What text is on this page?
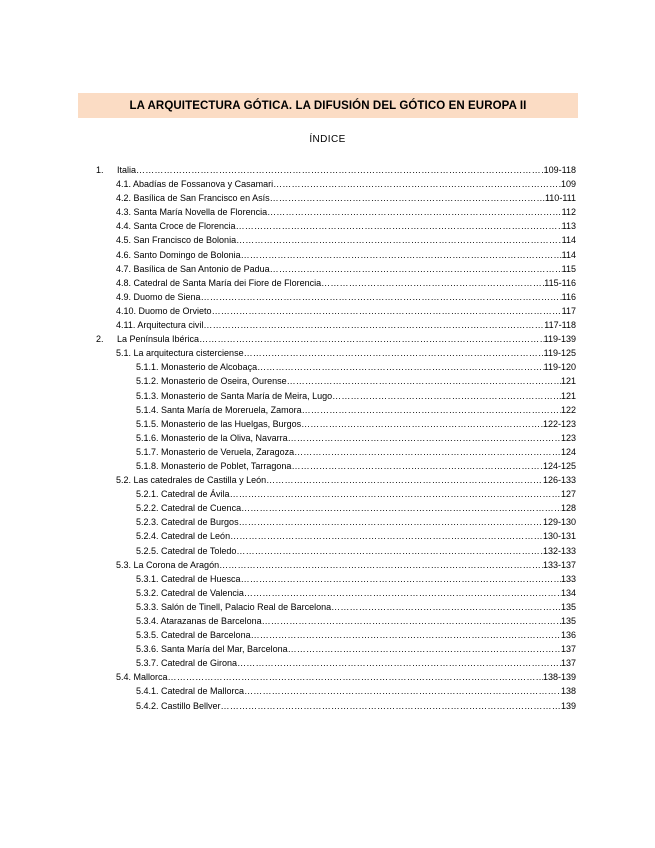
LA ARQUITECTURA GÓTICA. LA DIFUSIÓN DEL GÓTICO EN EUROPA II
ÍNDICE
1. Italia ……………………………………………………………………………………………………………………………………………………………………………………	109-118
4.1. Abadías de Fossanova y Casamari ……………………………………………………………………………………………………………………………………………………………………………………	109
4.2. Basílica de San Francisco en Asís ……………………………………………………………………………………………………………………………………………………………………………………	110-111
4.3. Santa María Novella de Florencia ……………………………………………………………………………………………………………………………………………………………………………………	112
4.4. Santa Croce de Florencia ……………………………………………………………………………………………………………………………………………………………………………………	113
4.5. San Francisco de Bolonia ……………………………………………………………………………………………………………………………………………………………………………………	114
4.6. Santo Domingo de Bolonia ……………………………………………………………………………………………………………………………………………………………………………………	114
4.7. Basílica de San Antonio de Padua ……………………………………………………………………………………………………………………………………………………………………………………	115
4.8. Catedral de Santa María dei Fiore de Florencia ……………………………………………………………………………………………………………………………………………………………………………………	115-116
4.9. Duomo de Siena ……………………………………………………………………………………………………………………………………………………………………………………	116
4.10. Duomo de Orvieto ……………………………………………………………………………………………………………………………………………………………………………………	117
4.11. Arquitectura civil ……………………………………………………………………………………………………………………………………………………………………………………	117-118
2. La Península Ibérica ……………………………………………………………………………………………………………………………………………………………………………………	119-139
5.1. La arquitectura cisterciense ……………………………………………………………………………………………………………………………………………………………………………………	119-125
5.1.1. Monasterio de Alcobaça ……………………………………………………………………………………………………………………………………………………………………………………	119-120
5.1.2. Monasterio de Oseira, Ourense ……………………………………………………………………………………………………………………………………………………………………………………	121
5.1.3. Monasterio de Santa María de Meira, Lugo ……………………………………………………………………………………………………………………………………………………………………………………	121
5.1.4. Santa María de Moreruela, Zamora ……………………………………………………………………………………………………………………………………………………………………………………	122
5.1.5. Monasterio de las Huelgas, Burgos ……………………………………………………………………………………………………………………………………………………………………………………	122-123
5.1.6. Monasterio de la Oliva, Navarra ……………………………………………………………………………………………………………………………………………………………………………………	123
5.1.7. Monasterio de Veruela, Zaragoza ……………………………………………………………………………………………………………………………………………………………………………………	124
5.1.8. Monasterio de Poblet, Tarragona ……………………………………………………………………………………………………………………………………………………………………………………	124-125
5.2. Las catedrales de Castilla y León ……………………………………………………………………………………………………………………………………………………………………………………	126-133
5.2.1. Catedral de Ávila ……………………………………………………………………………………………………………………………………………………………………………………	127
5.2.2. Catedral de Cuenca ……………………………………………………………………………………………………………………………………………………………………………………	128
5.2.3. Catedral de Burgos ……………………………………………………………………………………………………………………………………………………………………………………	129-130
5.2.4. Catedral de León ……………………………………………………………………………………………………………………………………………………………………………………	130-131
5.2.5. Catedral de Toledo ……………………………………………………………………………………………………………………………………………………………………………………	132-133
5.3. La Corona de Aragón ……………………………………………………………………………………………………………………………………………………………………………………	133-137
5.3.1. Catedral de Huesca ……………………………………………………………………………………………………………………………………………………………………………………	133
5.3.2. Catedral de Valencia ……………………………………………………………………………………………………………………………………………………………………………………	134
5.3.3. Salón de Tinell, Palacio Real de Barcelona ……………………………………………………………………………………………………………………………………………………………………………………	135
5.3.4. Atarazanas de Barcelona ……………………………………………………………………………………………………………………………………………………………………………………	135
5.3.5. Catedral de Barcelona ……………………………………………………………………………………………………………………………………………………………………………………	136
5.3.6. Santa María del Mar, Barcelona ……………………………………………………………………………………………………………………………………………………………………………………	137
5.3.7. Catedral de Girona ……………………………………………………………………………………………………………………………………………………………………………………	137
5.4. Mallorca ……………………………………………………………………………………………………………………………………………………………………………………	138-139
5.4.1. Catedral de Mallorca ……………………………………………………………………………………………………………………………………………………………………………………	138
5.4.2. Castillo Bellver ……………………………………………………………………………………………………………………………………………………………………………………	139
